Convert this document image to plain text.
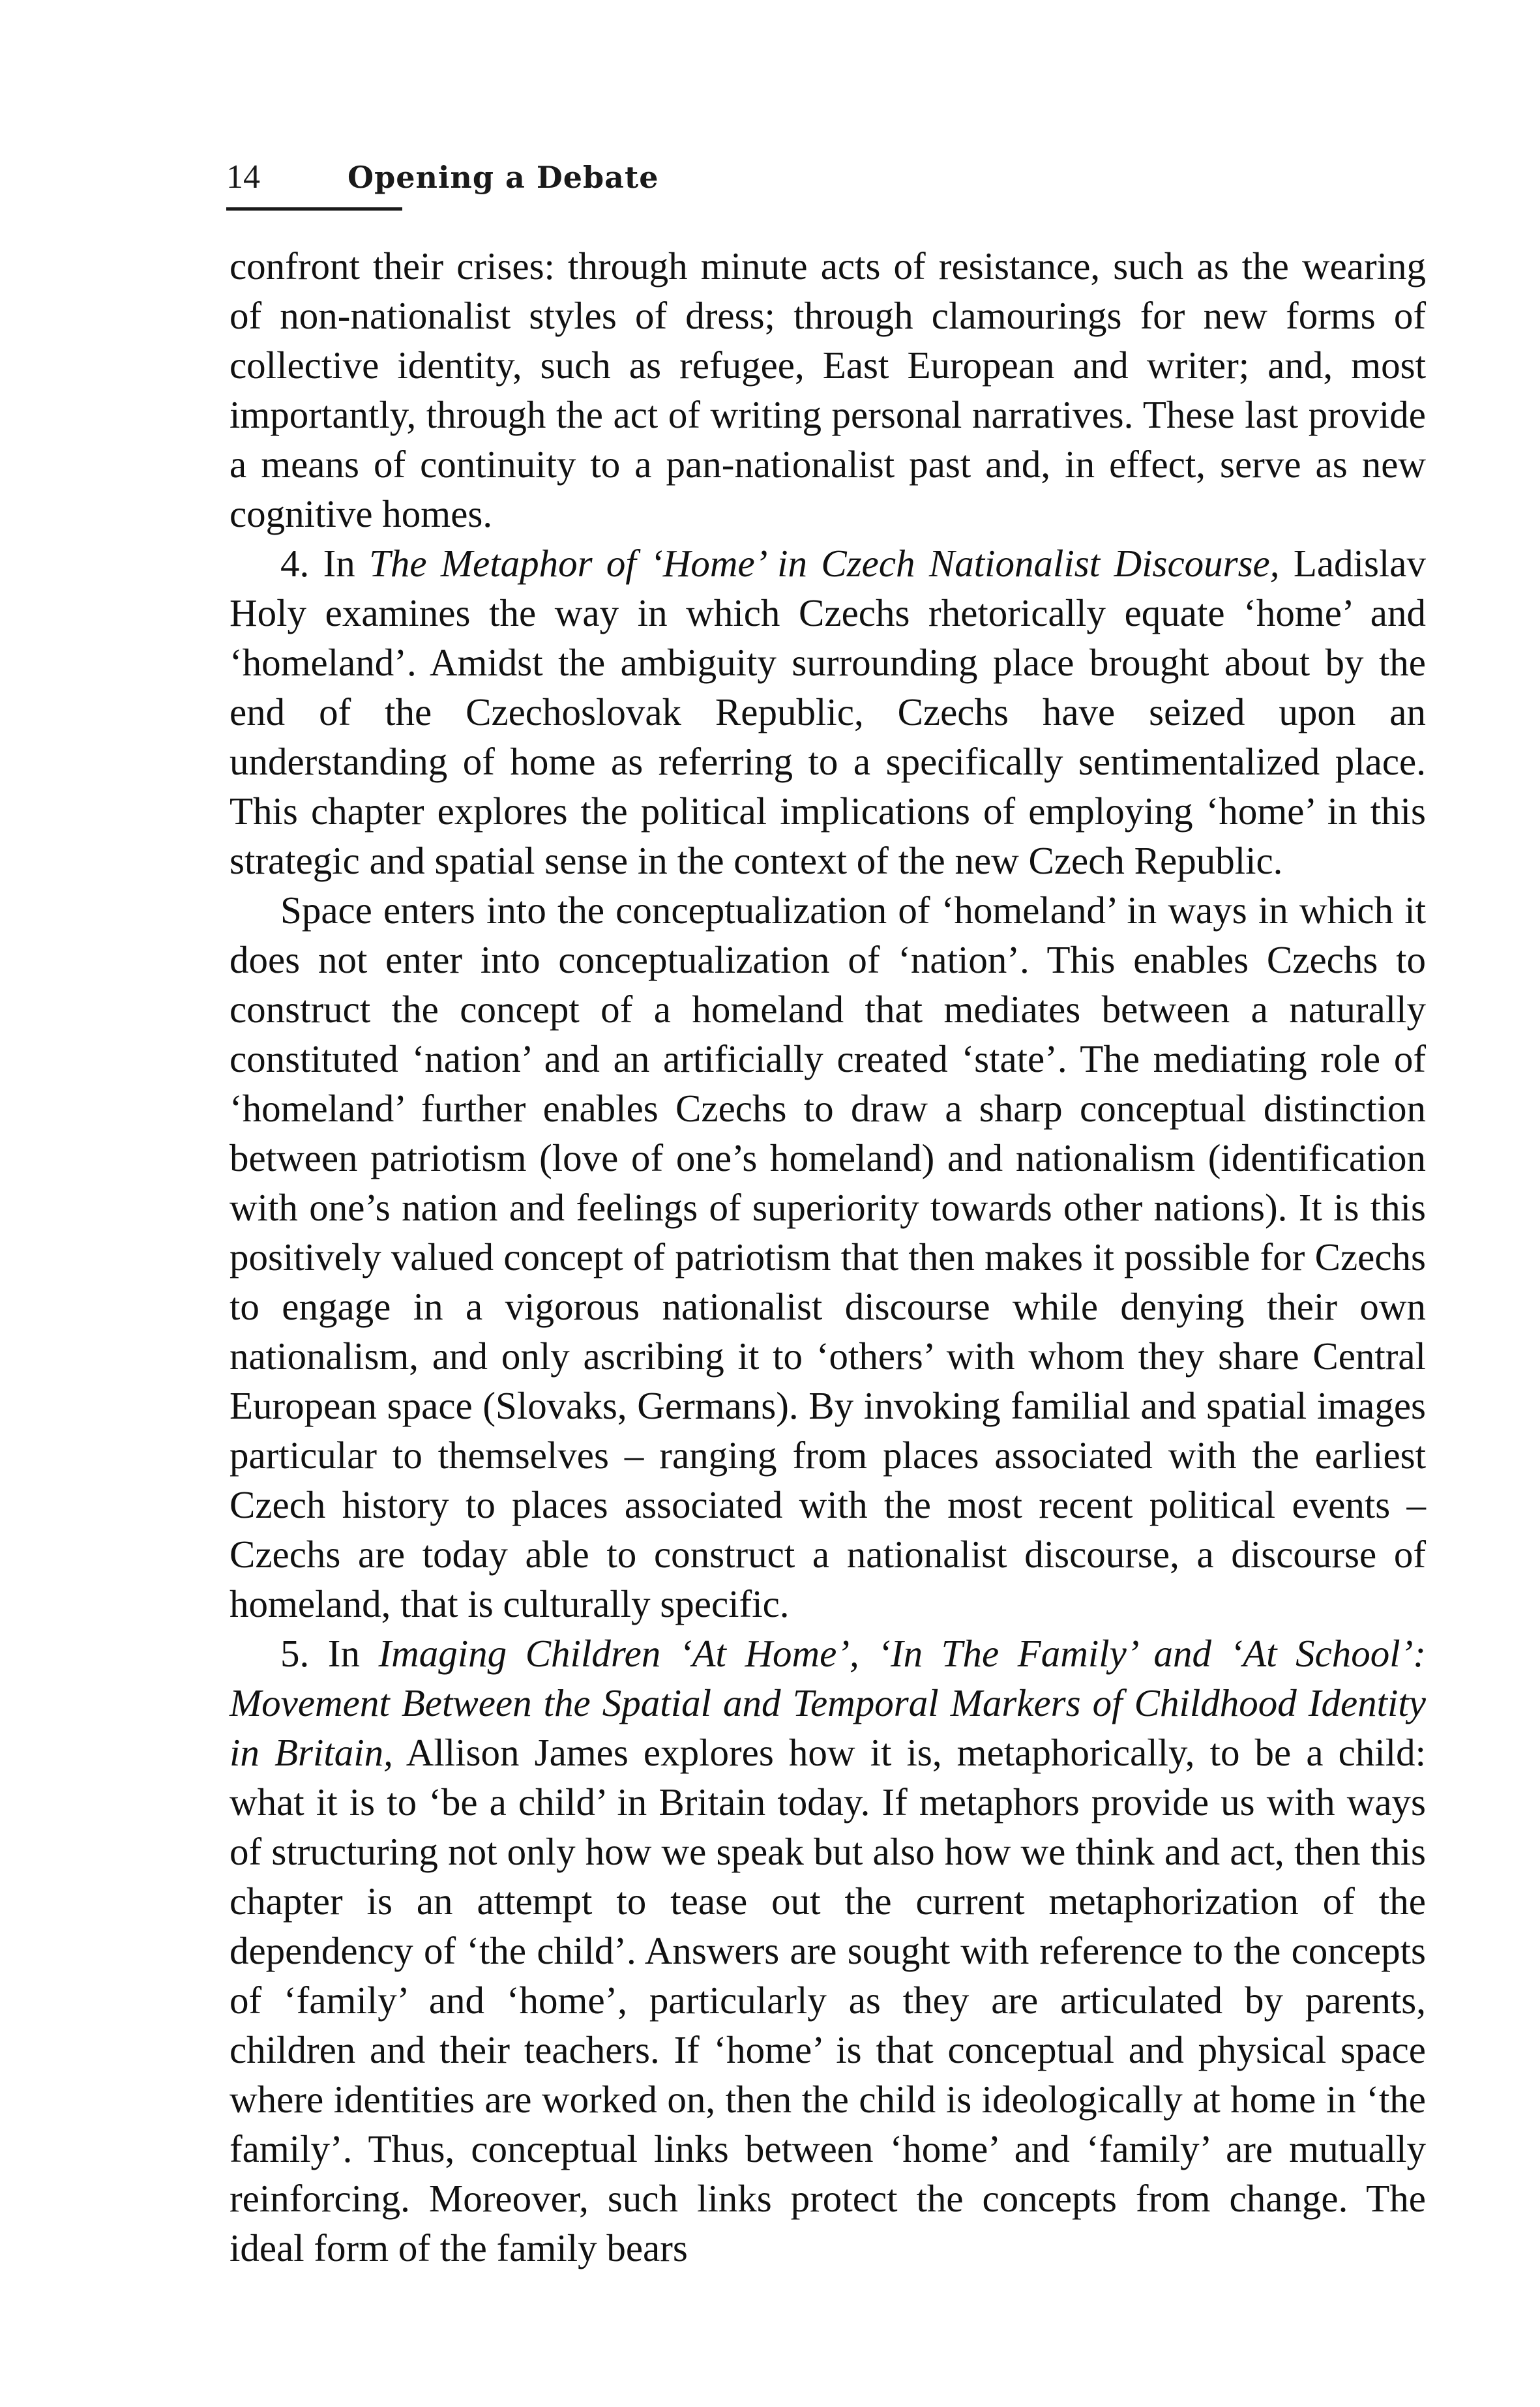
14	Opening a Debate

confront their crises: through minute acts of resistance, such as the wearing of non-nationalist styles of dress; through clamourings for new forms of collective identity, such as refugee, East European and writer; and, most importantly, through the act of writing personal narratives. These last provide a means of continuity to a pan-nationalist past and, in effect, serve as new cognitive homes.

4. In The Metaphor of ‘Home’ in Czech Nationalist Discourse, Ladislav Holy examines the way in which Czechs rhetorically equate ‘home’ and ‘homeland’. Amidst the ambiguity surrounding place brought about by the end of the Czechoslovak Republic, Czechs have seized upon an understanding of home as referring to a specifically sentimentalized place. This chapter explores the political implications of employing ‘home’ in this strategic and spatial sense in the context of the new Czech Republic.

Space enters into the conceptualization of ‘homeland’ in ways in which it does not enter into conceptualization of ‘nation’. This enables Czechs to construct the concept of a homeland that mediates between a naturally constituted ‘nation’ and an artificially created ‘state’. The mediating role of ‘homeland’ further enables Czechs to draw a sharp conceptual distinction between patriotism (love of one’s homeland) and nationalism (identification with one’s nation and feelings of superiority towards other nations). It is this positively valued concept of patriotism that then makes it possible for Czechs to engage in a vigorous nationalist discourse while denying their own nationalism, and only ascribing it to ‘others’ with whom they share Central European space (Slovaks, Germans). By invoking familial and spatial images particular to themselves – ranging from places associated with the earliest Czech history to places associated with the most recent political events – Czechs are today able to construct a nationalist discourse, a discourse of homeland, that is culturally specific.

5. In Imaging Children ‘At Home’, ‘In The Family’ and ‘At School’: Movement Between the Spatial and Temporal Markers of Childhood Identity in Britain, Allison James explores how it is, metaphorically, to be a child: what it is to ‘be a child’ in Britain today. If metaphors provide us with ways of structuring not only how we speak but also how we think and act, then this chapter is an attempt to tease out the current metaphorization of the dependency of ‘the child’. Answers are sought with reference to the concepts of ‘family’ and ‘home’, particularly as they are articulated by parents, children and their teachers. If ‘home’ is that conceptual and physical space where identities are worked on, then the child is ideologically at home in ‘the family’. Thus, conceptual links between ‘home’ and ‘family’ are mutually reinforcing. Moreover, such links protect the concepts from change. The ideal form of the family bears
